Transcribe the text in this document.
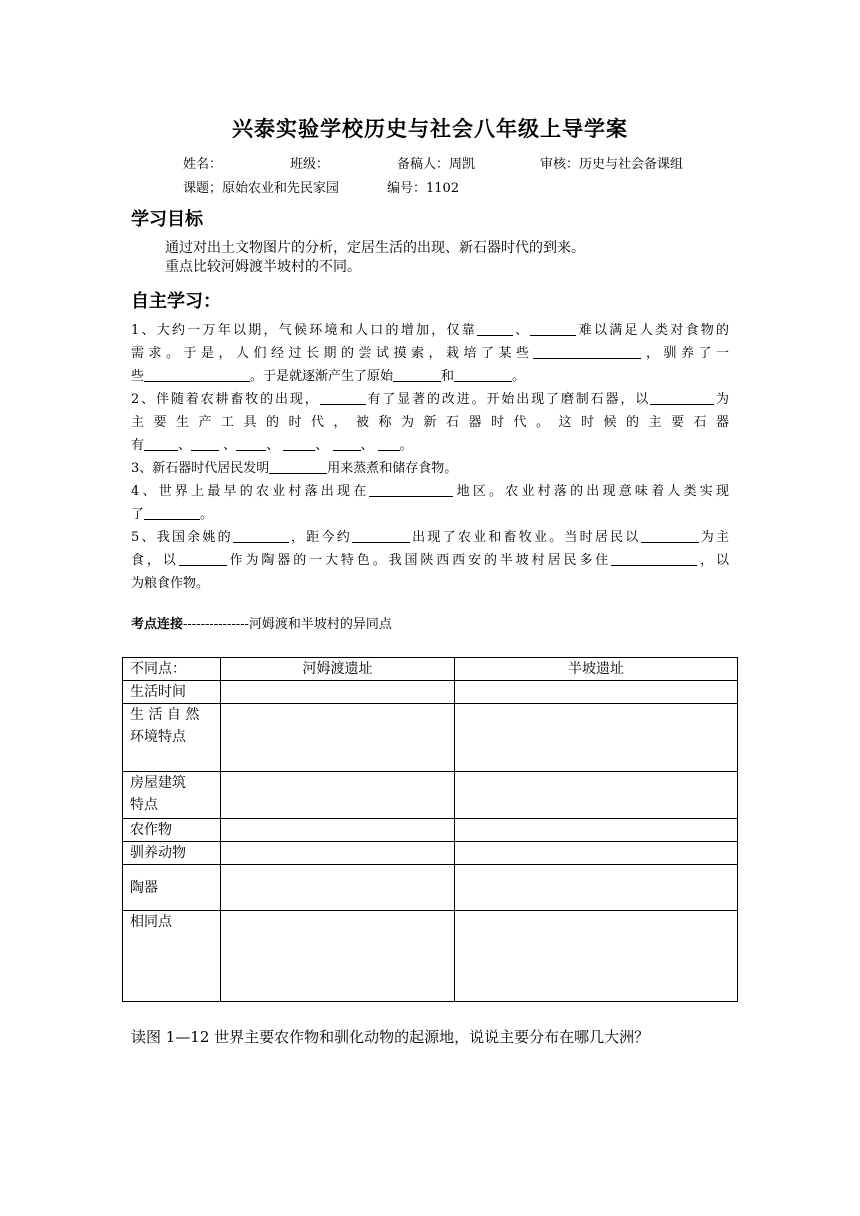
兴泰实验学校历史与社会八年级上导学案
姓名：	班级：	备稿人：周凯	审核：历史与社会备课组
课题；原始农业和先民家园	编号：1102
学习目标
通过对出土文物图片的分析，定居生活的出现、新石器时代的到来。
重点比较河姆渡半坡村的不同。
自主学习：
1、大约一万年以期，气候环境和人口的增加，仅靠	、	难以满足人类对食物的
需求。于是，人们经过长期的尝试摸索，栽培了某些	，驯养了一
些	。于是就逐渐产生了原始	和	。
2、伴随着农耕畜牧的出现，	有了显著的改进。开始出现了磨制石器，以	为
主要生产工具的时代，被称为新石器时代。这时候的主要石器
有	、 、 、	、 、 。
3、新石器时代居民发明	用来蒸煮和储存食物。
4、世界上最早的农业村落出现在	地区。农业村落的出现意味着人类实现
了	。
5、我国余姚的	，距今约	出现了农业和畜牧业。当时居民以	为主
食，以	作为陶器的一大特色。我国陕西西安的半坡村居民多住	，以
为粮食作物。
考点连接---------------河姆渡和半坡村的异同点
不同点：	河姆渡遗址	半坡遗址
生活时间		

生 活 自 然
环境特点		

房屋建筑
特点		

农作物		
驯养动物		
陶器		
相同点		
读图 1—12 世界主要农作物和驯化动物的起源地，说说主要分布在哪几大洲？
